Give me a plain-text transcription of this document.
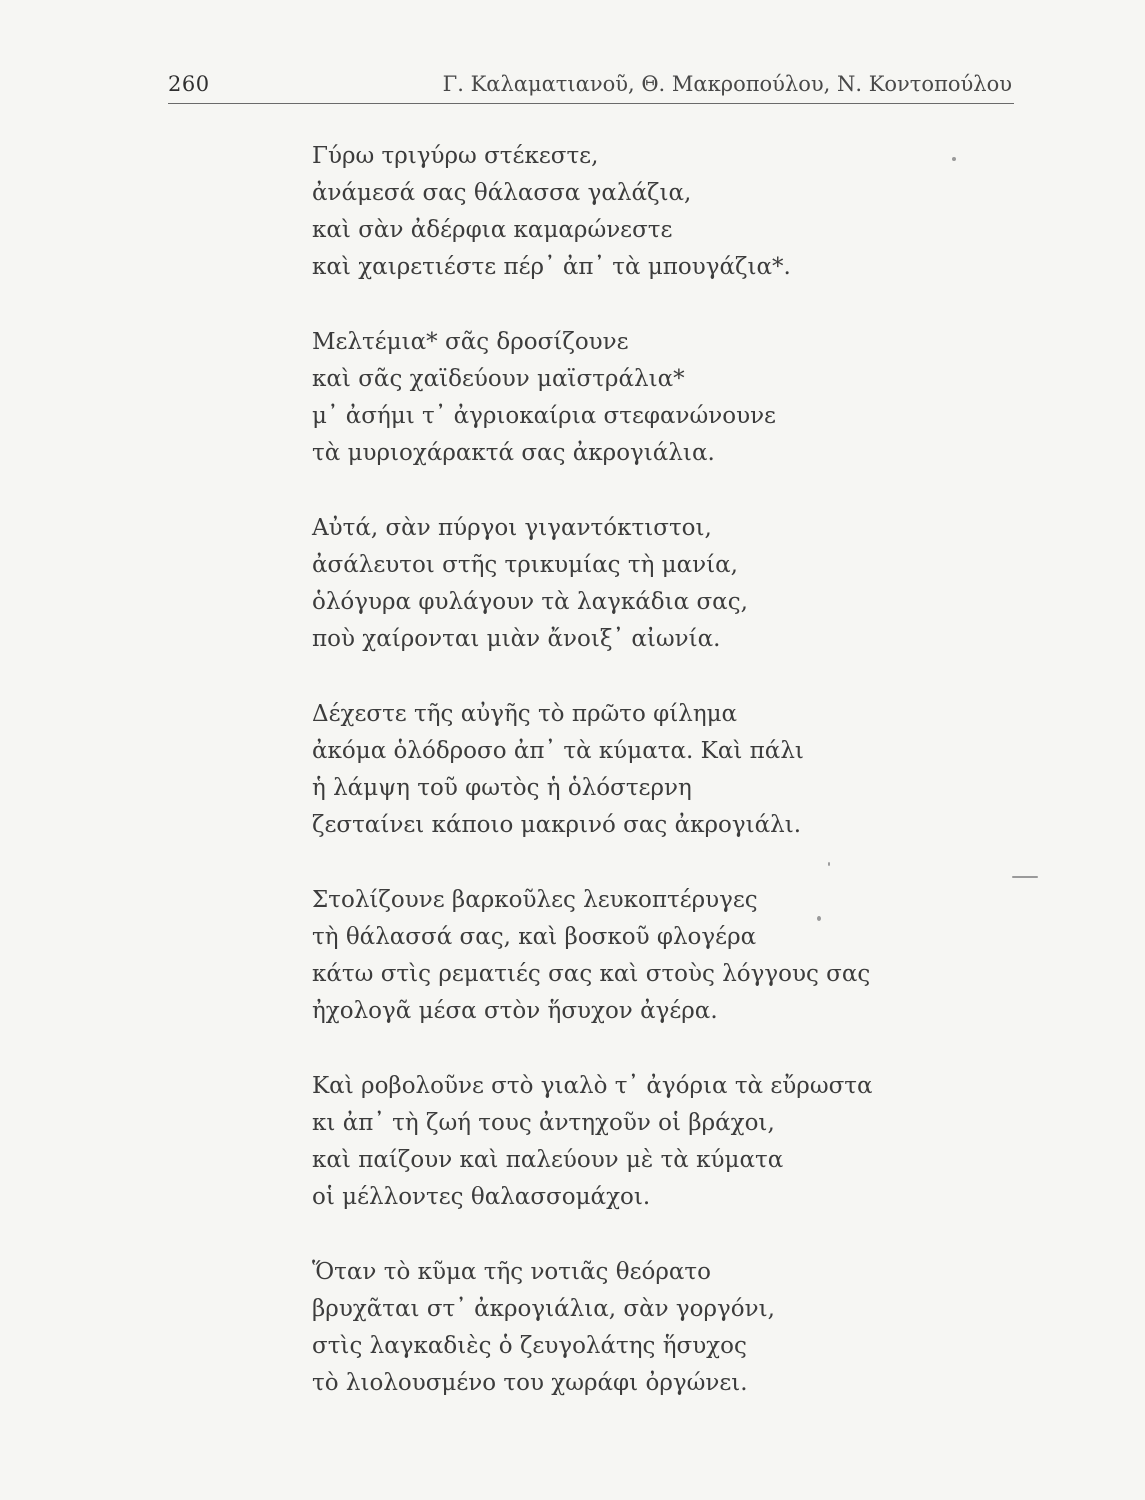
260	Γ. Καλαματιανοῦ, Θ. Μακροπούλου, Ν. Κοντοπούλου
Γύρω τριγύρω στέκεστε,
ἀνάμεσά σας θάλασσα γαλάζια,
καὶ σὰν ἀδέρφια καμαρώνεστε
καὶ χαιρετιέστε πέρ᾽ ἀπ᾽ τὰ μπουγάζια*.
Μελτέμια* σᾶς δροσίζουνε
καὶ σᾶς χαϊδεύουν μαϊστράλια*
μ᾽ ἀσήμι τ᾽ ἀγριοκαίρια στεφανώνουνε
τὰ μυριοχάρακτά σας ἀκρογιάλια.
Αὐτά, σὰν πύργοι γιγαντόκτιστοι,
ἀσάλευτοι στῆς τρικυμίας τὴ μανία,
ὁλόγυρα φυλάγουν τὰ λαγκάδια σας,
ποὺ χαίρονται μιὰν ἄνοιξ᾽ αἰωνία.
Δέχεστε τῆς αὐγῆς τὸ πρῶτο φίλημα
ἀκόμα ὁλόδροσο ἀπ᾽ τὰ κύματα. Καὶ πάλι
ἡ λάμψη τοῦ φωτὸς ἡ ὁλόστερνη
ζεσταίνει κάποιο μακρινό σας ἀκρογιάλι.
Στολίζουνε βαρκοῦλες λευκοπτέρυγες
τὴ θάλασσά σας, καὶ βοσκοῦ φλογέρα
κάτω στὶς ρεματιές σας καὶ στοὺς λόγγους σας
ἠχολογᾶ μέσα στὸν ἥσυχον ἀγέρα.
Καὶ ροβολοῦνε στὸ γιαλὸ τ᾽ ἀγόρια τὰ εὔρωστα
κι ἀπ᾽ τὴ ζωή τους ἀντηχοῦν οἱ βράχοι,
καὶ παίζουν καὶ παλεύουν μὲ τὰ κύματα
οἱ μέλλοντες θαλασσομάχοι.
Ὅταν τὸ κῦμα τῆς νοτιᾶς θεόρατο
βρυχᾶται στ᾽ ἀκρογιάλια, σὰν γοργόνι,
στὶς λαγκαδιὲς ὁ ζευγολάτης ἥσυχος
τὸ λιολουσμένο του χωράφι ὀργώνει.
